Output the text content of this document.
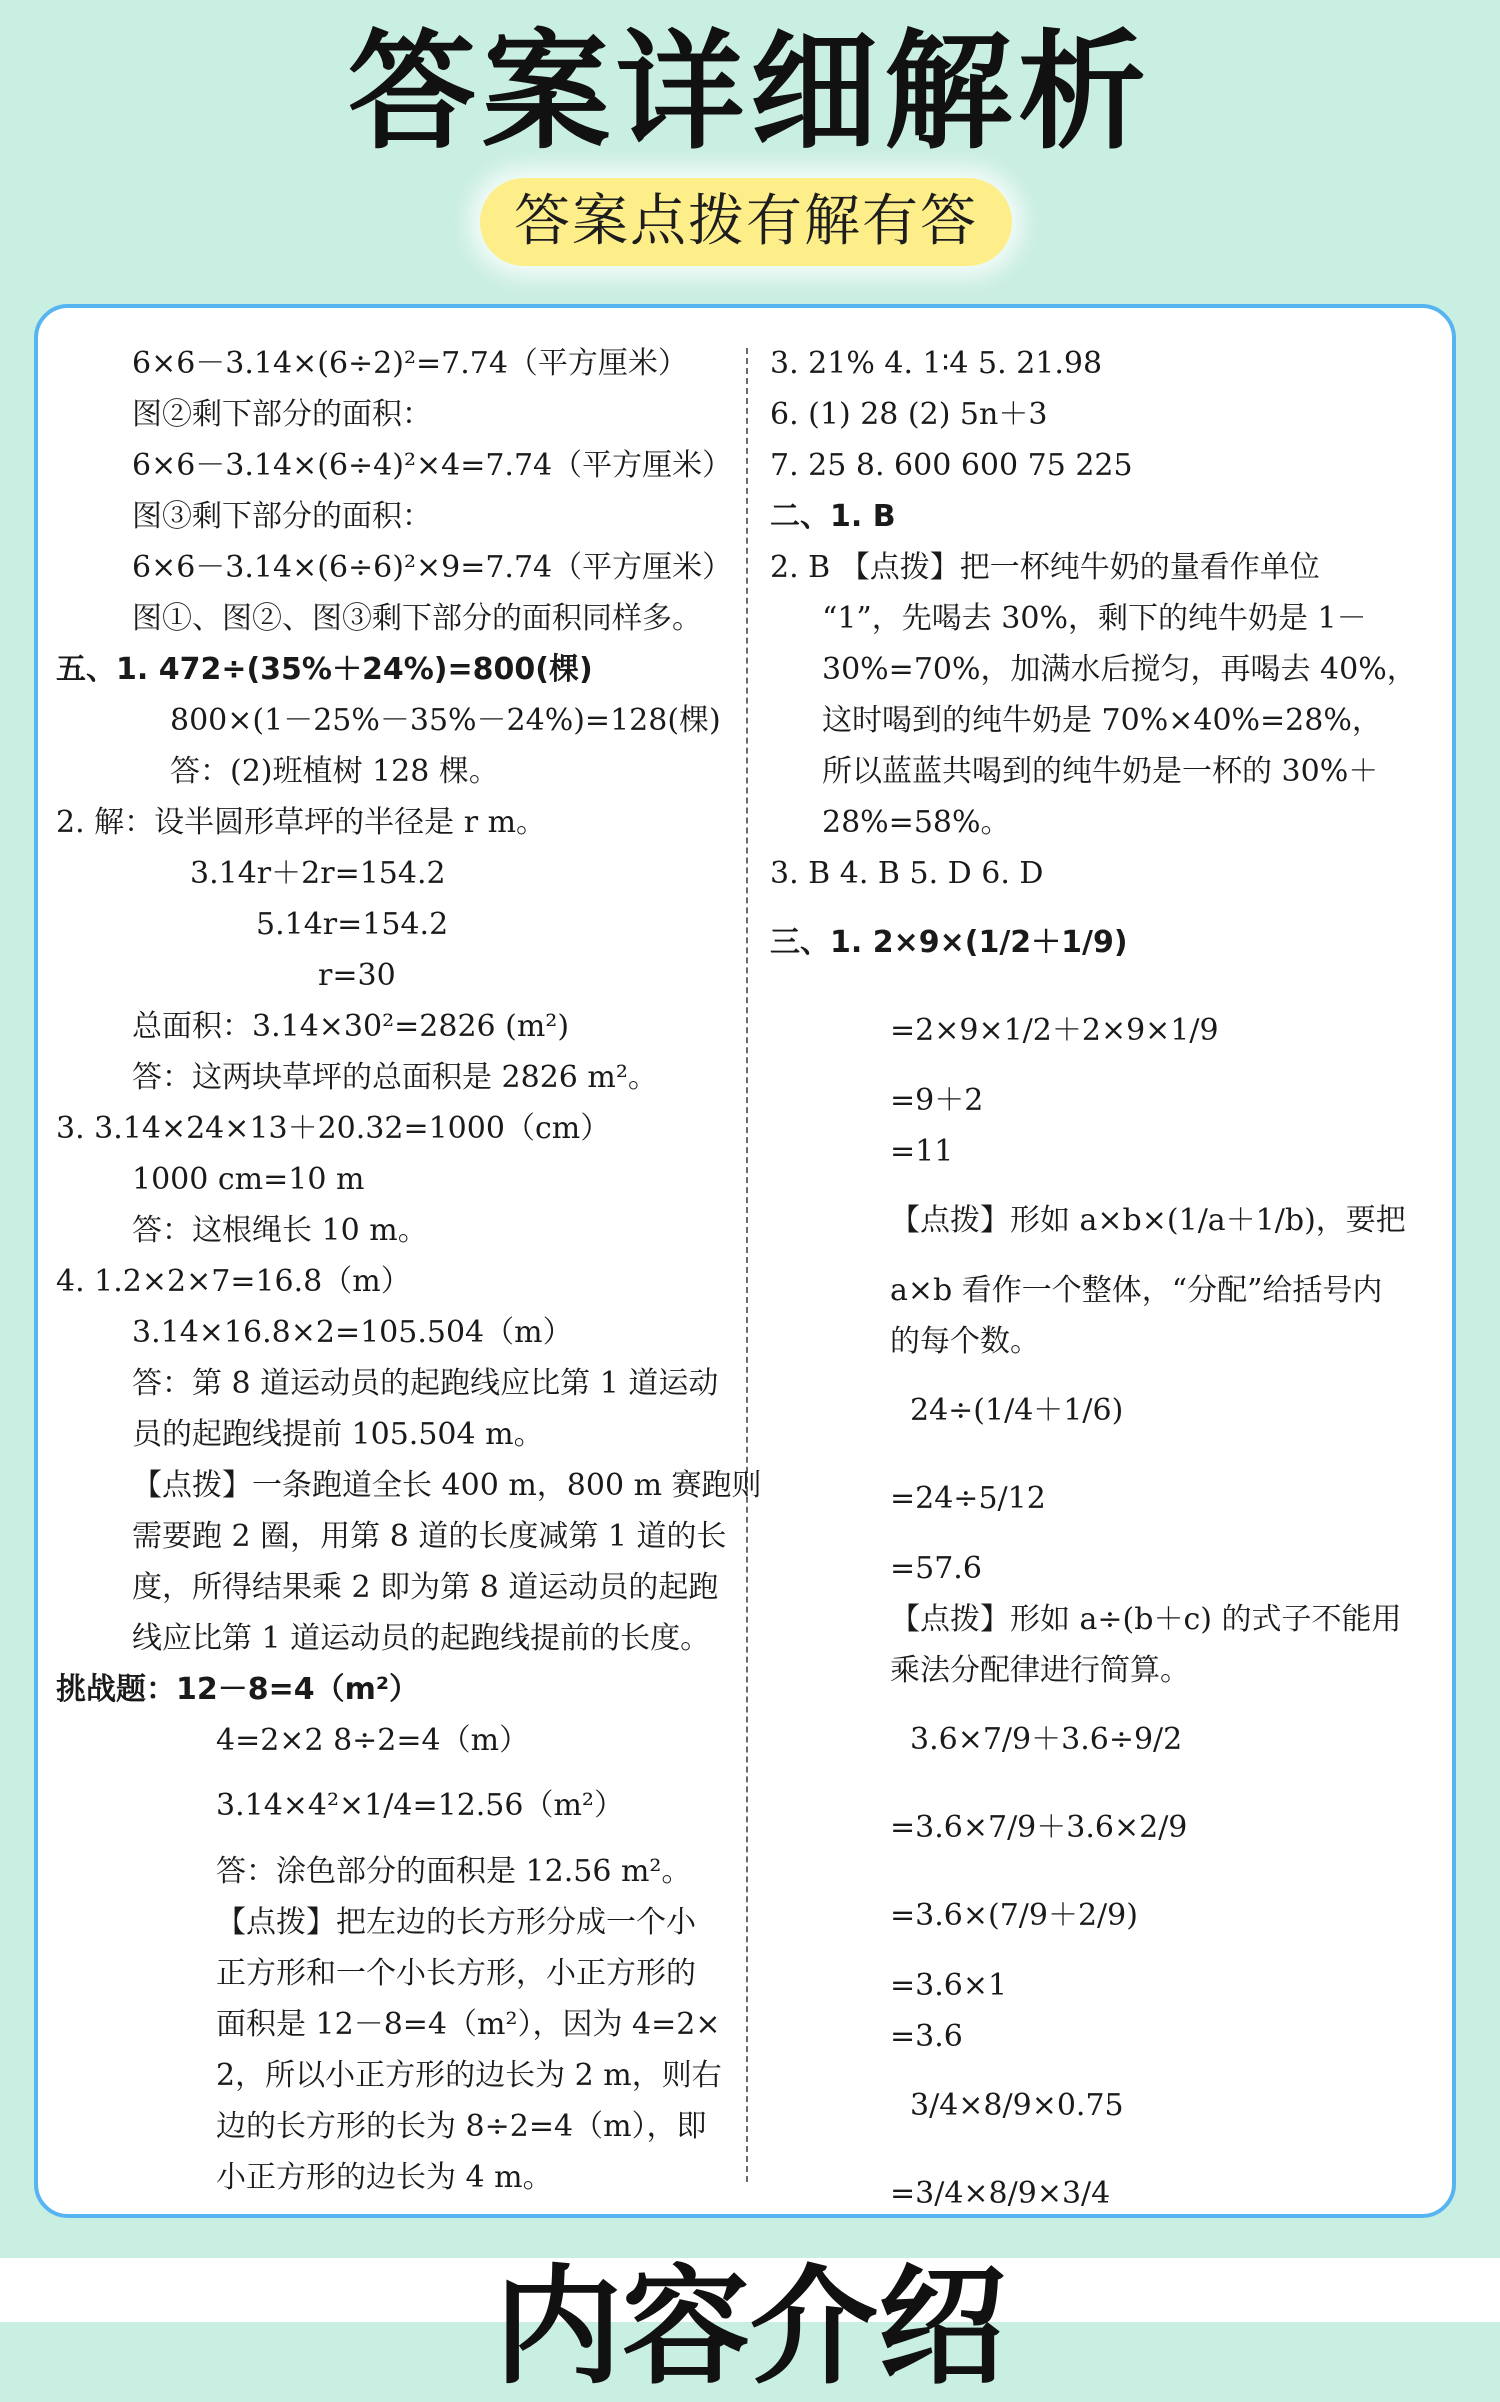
答案详细解析
答案点拨有解有答
6×6－3.14×(6÷2)²=7.74（平方厘米）
图②剩下部分的面积：
6×6－3.14×(6÷4)²×4=7.74（平方厘米）
图③剩下部分的面积：
6×6－3.14×(6÷6)²×9=7.74（平方厘米）
图①、图②、图③剩下部分的面积同样多。
五、1. 472÷(35%＋24%)=800(棵)
800×(1－25%－35%－24%)=128(棵)
答：(2)班植树 128 棵。
2. 解：设半圆形草坪的半径是 r m。
3.14r＋2r=154.2
5.14r=154.2
r=30
总面积：3.14×30²=2826 (m²)
答：这两块草坪的总面积是 2826 m²。
3. 3.14×24×13＋20.32=1000（cm）
1000 cm=10 m
答：这根绳长 10 m。
4. 1.2×2×7=16.8（m）
3.14×16.8×2=105.504（m）
答：第 8 道运动员的起跑线应比第 1 道运动
员的起跑线提前 105.504 m。
【点拨】一条跑道全长 400 m，800 m 赛跑则
需要跑 2 圈，用第 8 道的长度减第 1 道的长
度，所得结果乘 2 即为第 8 道运动员的起跑
线应比第 1 道运动员的起跑线提前的长度。
挑战题：12－8=4（m²）
4=2×2 8÷2=4（m）
3.14×4²×1/4=12.56（m²）
答：涂色部分的面积是 12.56 m²。
【点拨】把左边的长方形分成一个小
正方形和一个小长方形，小正方形的
面积是 12－8=4（m²），因为 4=2×
2，所以小正方形的边长为 2 m，则右
边的长方形的长为 8÷2=4（m），即
小正方形的边长为 4 m。
3. 21% 4. 1∶4 5. 21.98
6. (1) 28 (2) 5n＋3
7. 25 8. 600 600 75 225
二、1. B
2. B 【点拨】把一杯纯牛奶的量看作单位
“1”，先喝去 30%，剩下的纯牛奶是 1－
30%=70%，加满水后搅匀，再喝去 40%，
这时喝到的纯牛奶是 70%×40%=28%，
所以蓝蓝共喝到的纯牛奶是一杯的 30%＋
28%=58%。
3. B 4. B 5. D 6. D
三、1. 2×9×(1/2＋1/9)
=2×9×1/2＋2×9×1/9
=9＋2
=11
【点拨】形如 a×b×(1/a＋1/b)，要把
a×b 看作一个整体，“分配”给括号内
的每个数。
24÷(1/4＋1/6)
=24÷5/12
=57.6
【点拨】形如 a÷(b＋c) 的式子不能用
乘法分配律进行简算。
3.6×7/9＋3.6÷9/2
=3.6×7/9＋3.6×2/9
=3.6×(7/9＋2/9)
=3.6×1
=3.6
3/4×8/9×0.75
=3/4×8/9×3/4
内容介绍
